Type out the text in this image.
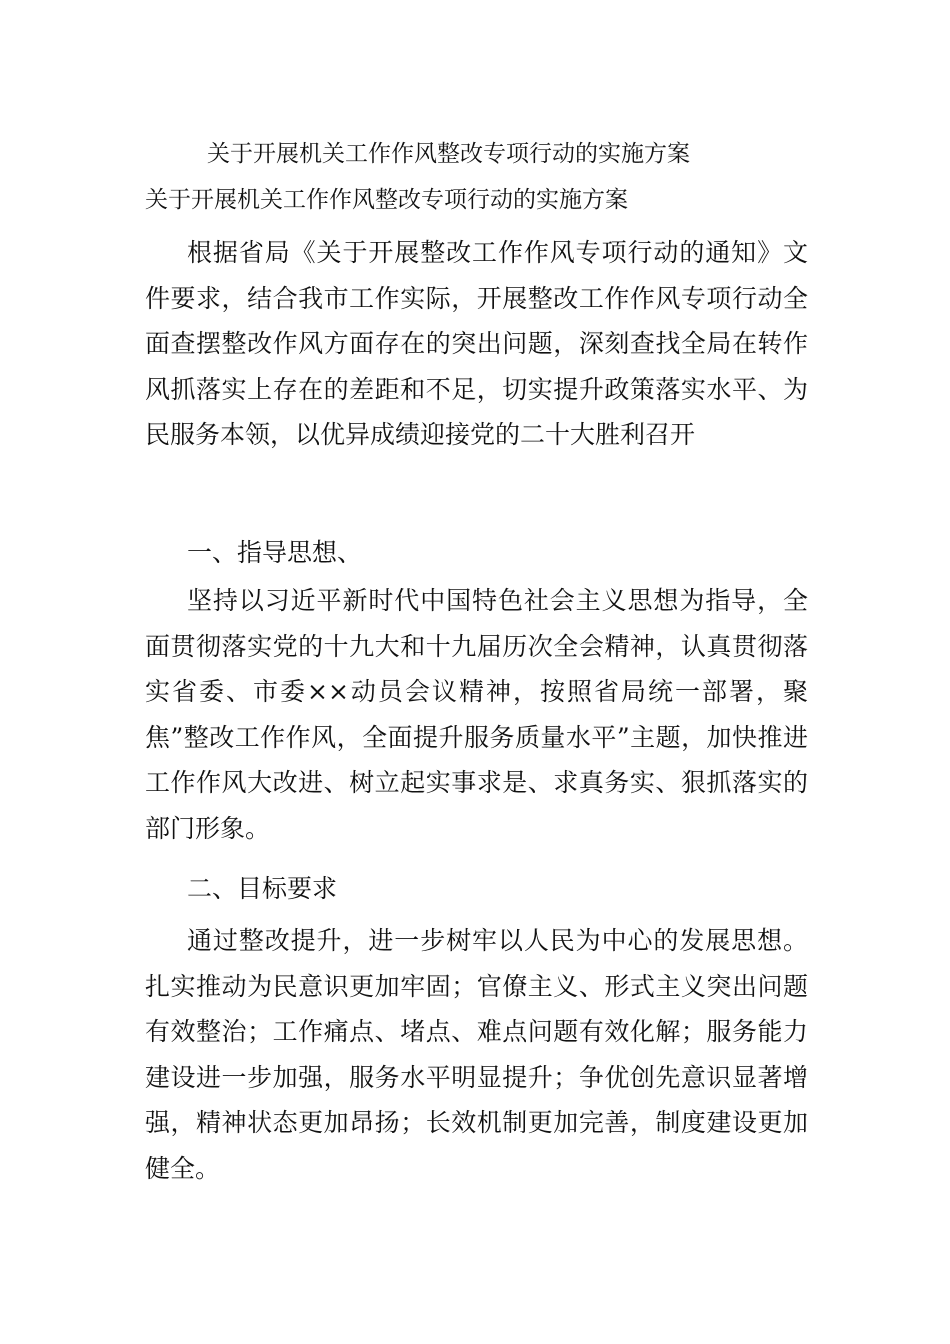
关于开展机关工作作风整改专项行动的实施方案
关于开展机关工作作风整改专项行动的实施方案

根据省局《关于开展整改工作作风专项行动的通知》文件要求，结合我市工作实际，开展整改工作作风专项行动全面查摆整改作风方面存在的突出问题，深刻查找全局在转作风抓落实上存在的差距和不足，切实提升政策落实水平、为民服务本领，以优异成绩迎接党的二十大胜利召开

一、指导思想、

坚持以习近平新时代中国特色社会主义思想为指导，全面贯彻落实党的十九大和十九届历次全会精神，认真贯彻落实省委、市委××动员会议精神，按照省局统一部署，聚焦”整改工作作风，全面提升服务质量水平”主题，加快推进工作作风大改进、树立起实事求是、求真务实、狠抓落实的部门形象。

二、目标要求

通过整改提升，进一步树牢以人民为中心的发展思想。扎实推动为民意识更加牢固；官僚主义、形式主义突出问题有效整治；工作痛点、堵点、难点问题有效化解；服务能力建设进一步加强，服务水平明显提升；争优创先意识显著增强，精神状态更加昂扬；长效机制更加完善，制度建设更加健全。
